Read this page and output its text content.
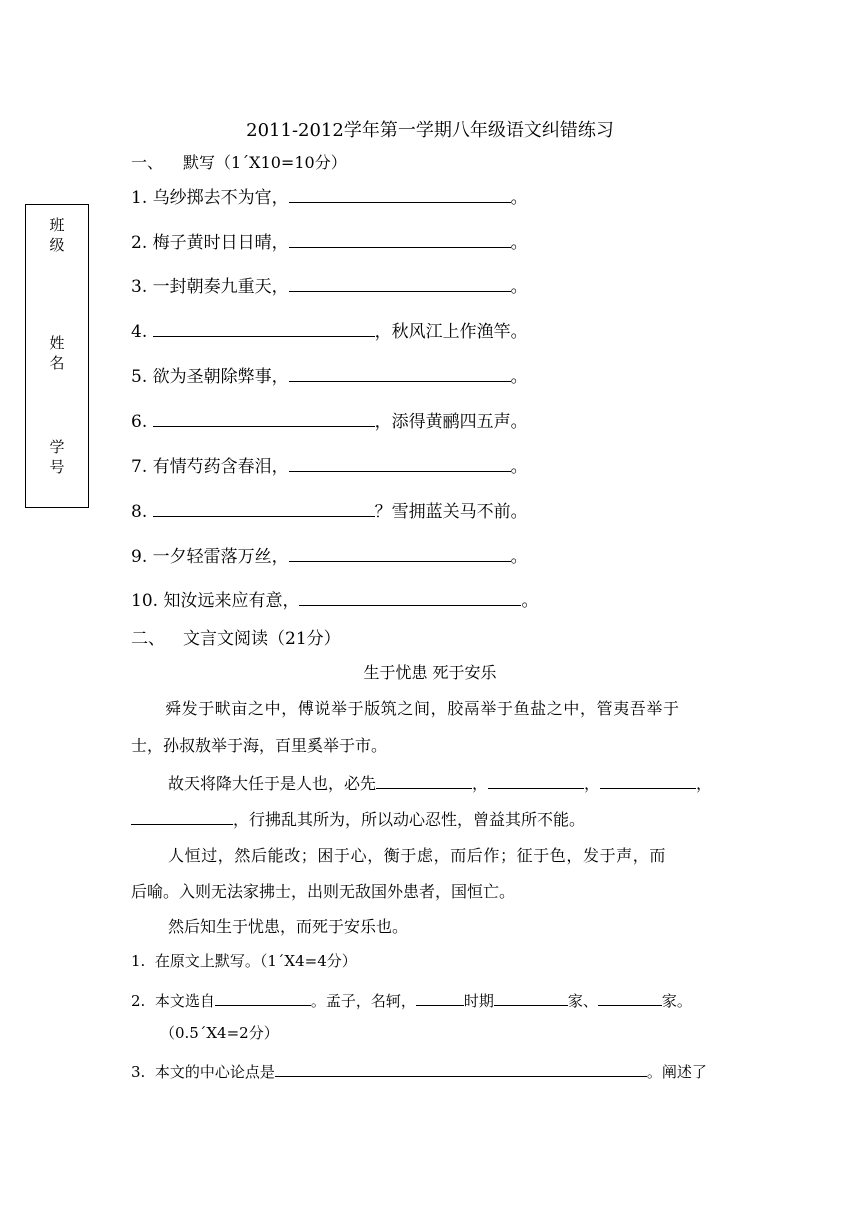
2011-2012学年第一学期八年级语文纠错练习
班
级
姓
名
学
号
一、 默写（1´X10=10分）
1. 乌纱掷去不为官，	。
2. 梅子黄时日日晴，	。
3. 一封朝奏九重天，	。
4.	，秋风江上作渔竿。
5. 欲为圣朝除弊事，	。
6.	，添得黄鹂四五声。
7. 有情芍药含春泪，	。
8.	？雪拥蓝关马不前。
9. 一夕轻雷落万丝，	。
10. 知汝远来应有意，	。
二、 文言文阅读（21分）
生于忧患 死于安乐
舜发于畎亩之中，傅说举于版筑之间，胶鬲举于鱼盐之中，管夷吾举于
士，孙叔敖举于海，百里奚举于市。
故天将降大任于是人也，必先	，	，	，
，行拂乱其所为，所以动心忍性，曾益其所不能。
人恒过，然后能改；困于心，衡于虑，而后作；征于色，发于声，而
后喻。入则无法家拂士，出则无敌国外患者，国恒亡。
然后知生于忧患，而死于安乐也。
1. 在原文上默写。（1´X4=4分）
2. 本文选自	。孟子，名轲，	时期	家、	家。
（0.5´X4=2分）
3. 本文的中心论点是	。阐述了
